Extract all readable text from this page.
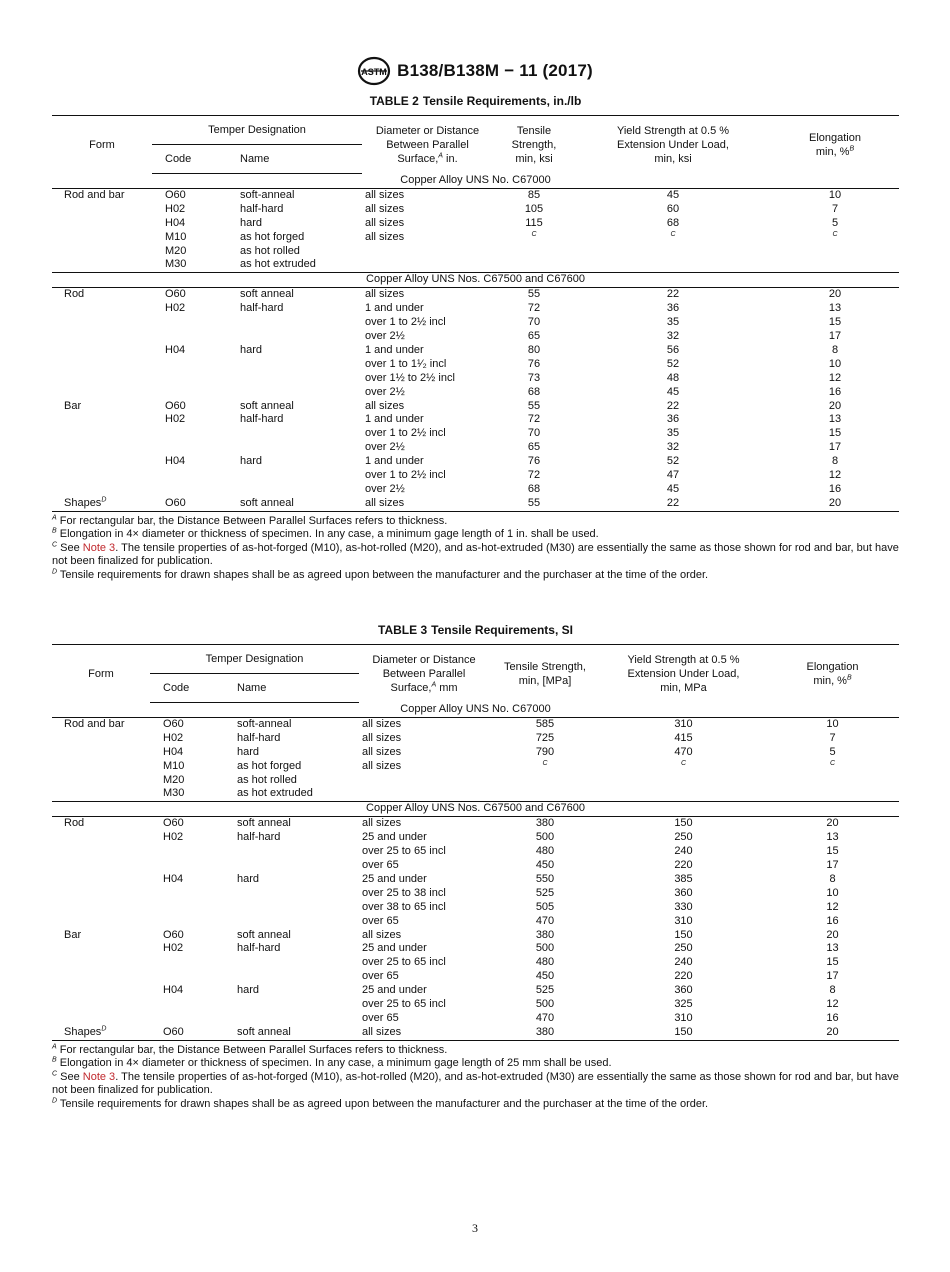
ASTM B138/B138M − 11 (2017)
TABLE 2 Tensile Requirements, in./lb
Form	Temper Designation		Diameter or Distance
Between Parallel
Surface,$^A$ in.	Tensile
Strength,
min, ksi	Yield Strength at 0.5 %
Extension Under Load,
min, ksi	Elongation
min, %$^B$
	Code	Name				
Copper Alloy UNS No. C67000						
Rod and bar	O60	soft-anneal	all sizes	85	45	10
	H02	half-hard	all sizes	105	60	7
	H04	hard	all sizes	115	68	5
	M10	as hot forged	all sizes	C	C	C
	M20	as hot rolled				
	M30	as hot extruded				
Copper Alloy UNS Nos. C67500 and C67600						
Rod	O60	soft anneal	all sizes	55	22	20
	H02	half-hard	1 and under	72	36	13
			over 1 to 2½ incl	70	35	15
			over 2½	65	32	17
	H04	hard	1 and under	80	56	8
			over 1 to 1¹⁄₂ incl	76	52	10
			over 1½ to 2½ incl	73	48	12
			over 2½	68	45	16
Bar	O60	soft anneal	all sizes	55	22	20
	H02	half-hard	1 and under	72	36	13
			over 1 to 2½ incl	70	35	15
			over 2½	65	32	17
	H04	hard	1 and under	76	52	8
			over 1 to 2½ incl	72	47	12
			over 2½	68	45	16
Shapes$^D$	O60	soft anneal	all sizes	55	22	20

$^A$ For rectangular bar, the Distance Between Parallel Surfaces refers to thickness.

$^B$ Elongation in 4× diameter or thickness of specimen. In any case, a minimum gage length of 1 in. shall be used.

$^C$ See Note 3. The tensile properties of as-hot-forged (M10), as-hot-rolled (M20), and as-hot-extruded (M30) are essentially the same as those shown for rod and bar, but have not been finalized for publication.

$^D$ Tensile requirements for drawn shapes shall be as agreed upon between the manufacturer and the purchaser at the time of the order.

TABLE 3 Tensile Requirements, SI
Form	Temper Designation		Diameter or Distance
Between Parallel
Surface,$^A$ mm	Tensile Strength,
min, [MPa]	Yield Strength at 0.5 %
Extension Under Load,
min, MPa	Elongation
min, %$^B$
	Code	Name				
Copper Alloy UNS No. C67000						
Rod and bar	O60	soft-anneal	all sizes	585	310	10
	H02	half-hard	all sizes	725	415	7
	H04	hard	all sizes	790	470	5
	M10	as hot forged	all sizes	C	C	C
	M20	as hot rolled				
	M30	as hot extruded				
Copper Alloy UNS Nos. C67500 and C67600						
Rod	O60	soft anneal	all sizes	380	150	20
	H02	half-hard	25 and under	500	250	13
			over 25 to 65 incl	480	240	15
			over 65	450	220	17
	H04	hard	25 and under	550	385	8
			over 25 to 38 incl	525	360	10
			over 38 to 65 incl	505	330	12
			over 65	470	310	16
Bar	O60	soft anneal	all sizes	380	150	20
	H02	half-hard	25 and under	500	250	13
			over 25 to 65 incl	480	240	15
			over 65	450	220	17
	H04	hard	25 and under	525	360	8
			over 25 to 65 incl	500	325	12
			over 65	470	310	16
Shapes$^D$	O60	soft anneal	all sizes	380	150	20

$^A$ For rectangular bar, the Distance Between Parallel Surfaces refers to thickness.

$^B$ Elongation in 4× diameter or thickness of specimen. In any case, a minimum gage length of 25 mm shall be used.

$^C$ See Note 3. The tensile properties of as-hot-forged (M10), as-hot-rolled (M20), and as-hot-extruded (M30) are essentially the same as those shown for rod and bar, but have not been finalized for publication.

$^D$ Tensile requirements for drawn shapes shall be as agreed upon between the manufacturer and the purchaser at the time of the order.

3
